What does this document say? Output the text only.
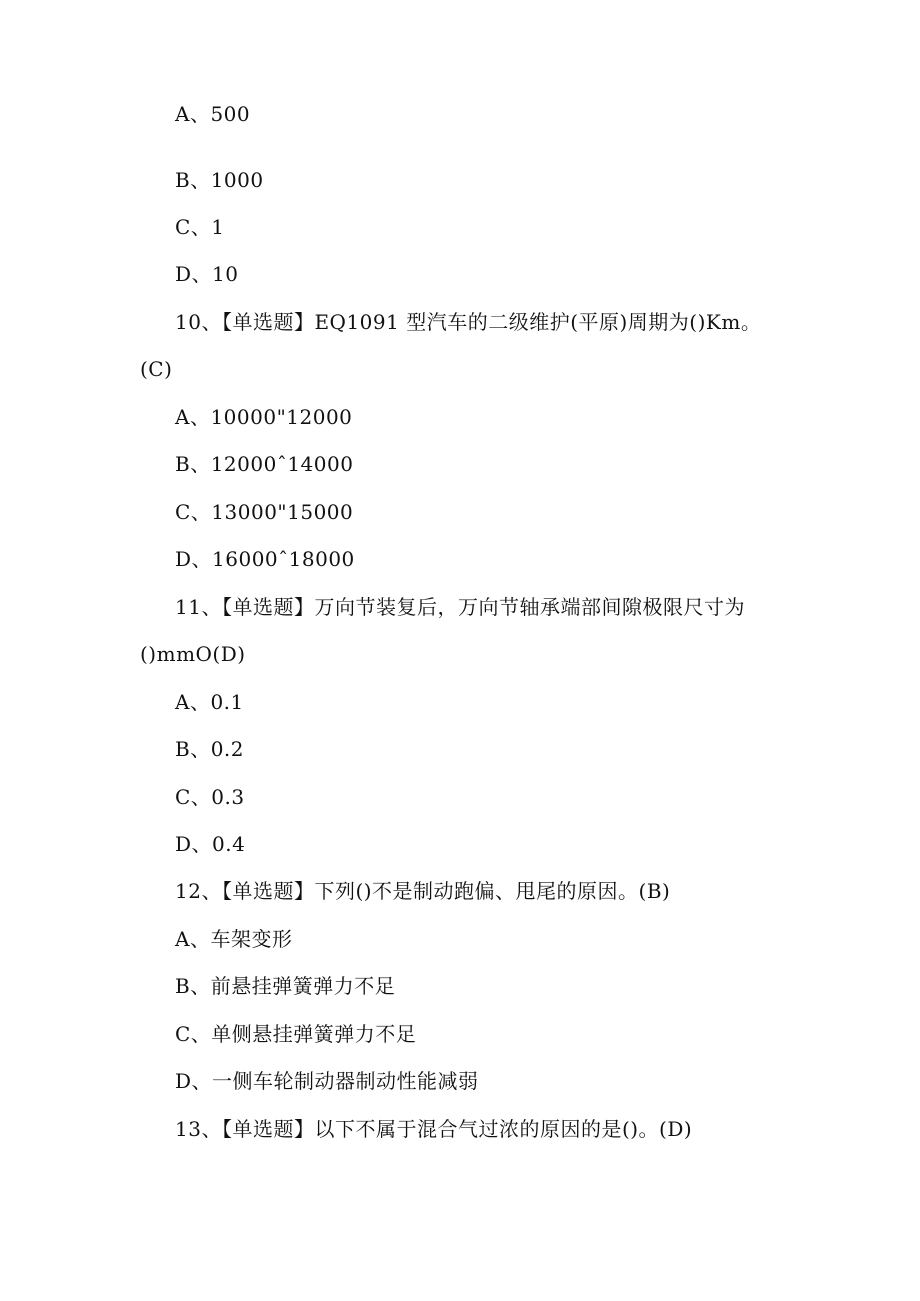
A、500
B、1000
C、1
D、10
10、【单选题】EQ1091 型汽车的二级维护(平原)周期为()Km。
(C)
A、10000"12000
B、12000ˆ14000
C、13000"15000
D、16000ˆ18000
11、【单选题】万向节装复后，万向节轴承端部间隙极限尺寸为
()mmO(D)
A、0.1
B、0.2
C、0.3
D、0.4
12、【单选题】下列()不是制动跑偏、甩尾的原因。(B)
A、车架变形
B、前悬挂弹簧弹力不足
C、单侧悬挂弹簧弹力不足
D、一侧车轮制动器制动性能减弱
13、【单选题】以下不属于混合气过浓的原因的是()。(D)
